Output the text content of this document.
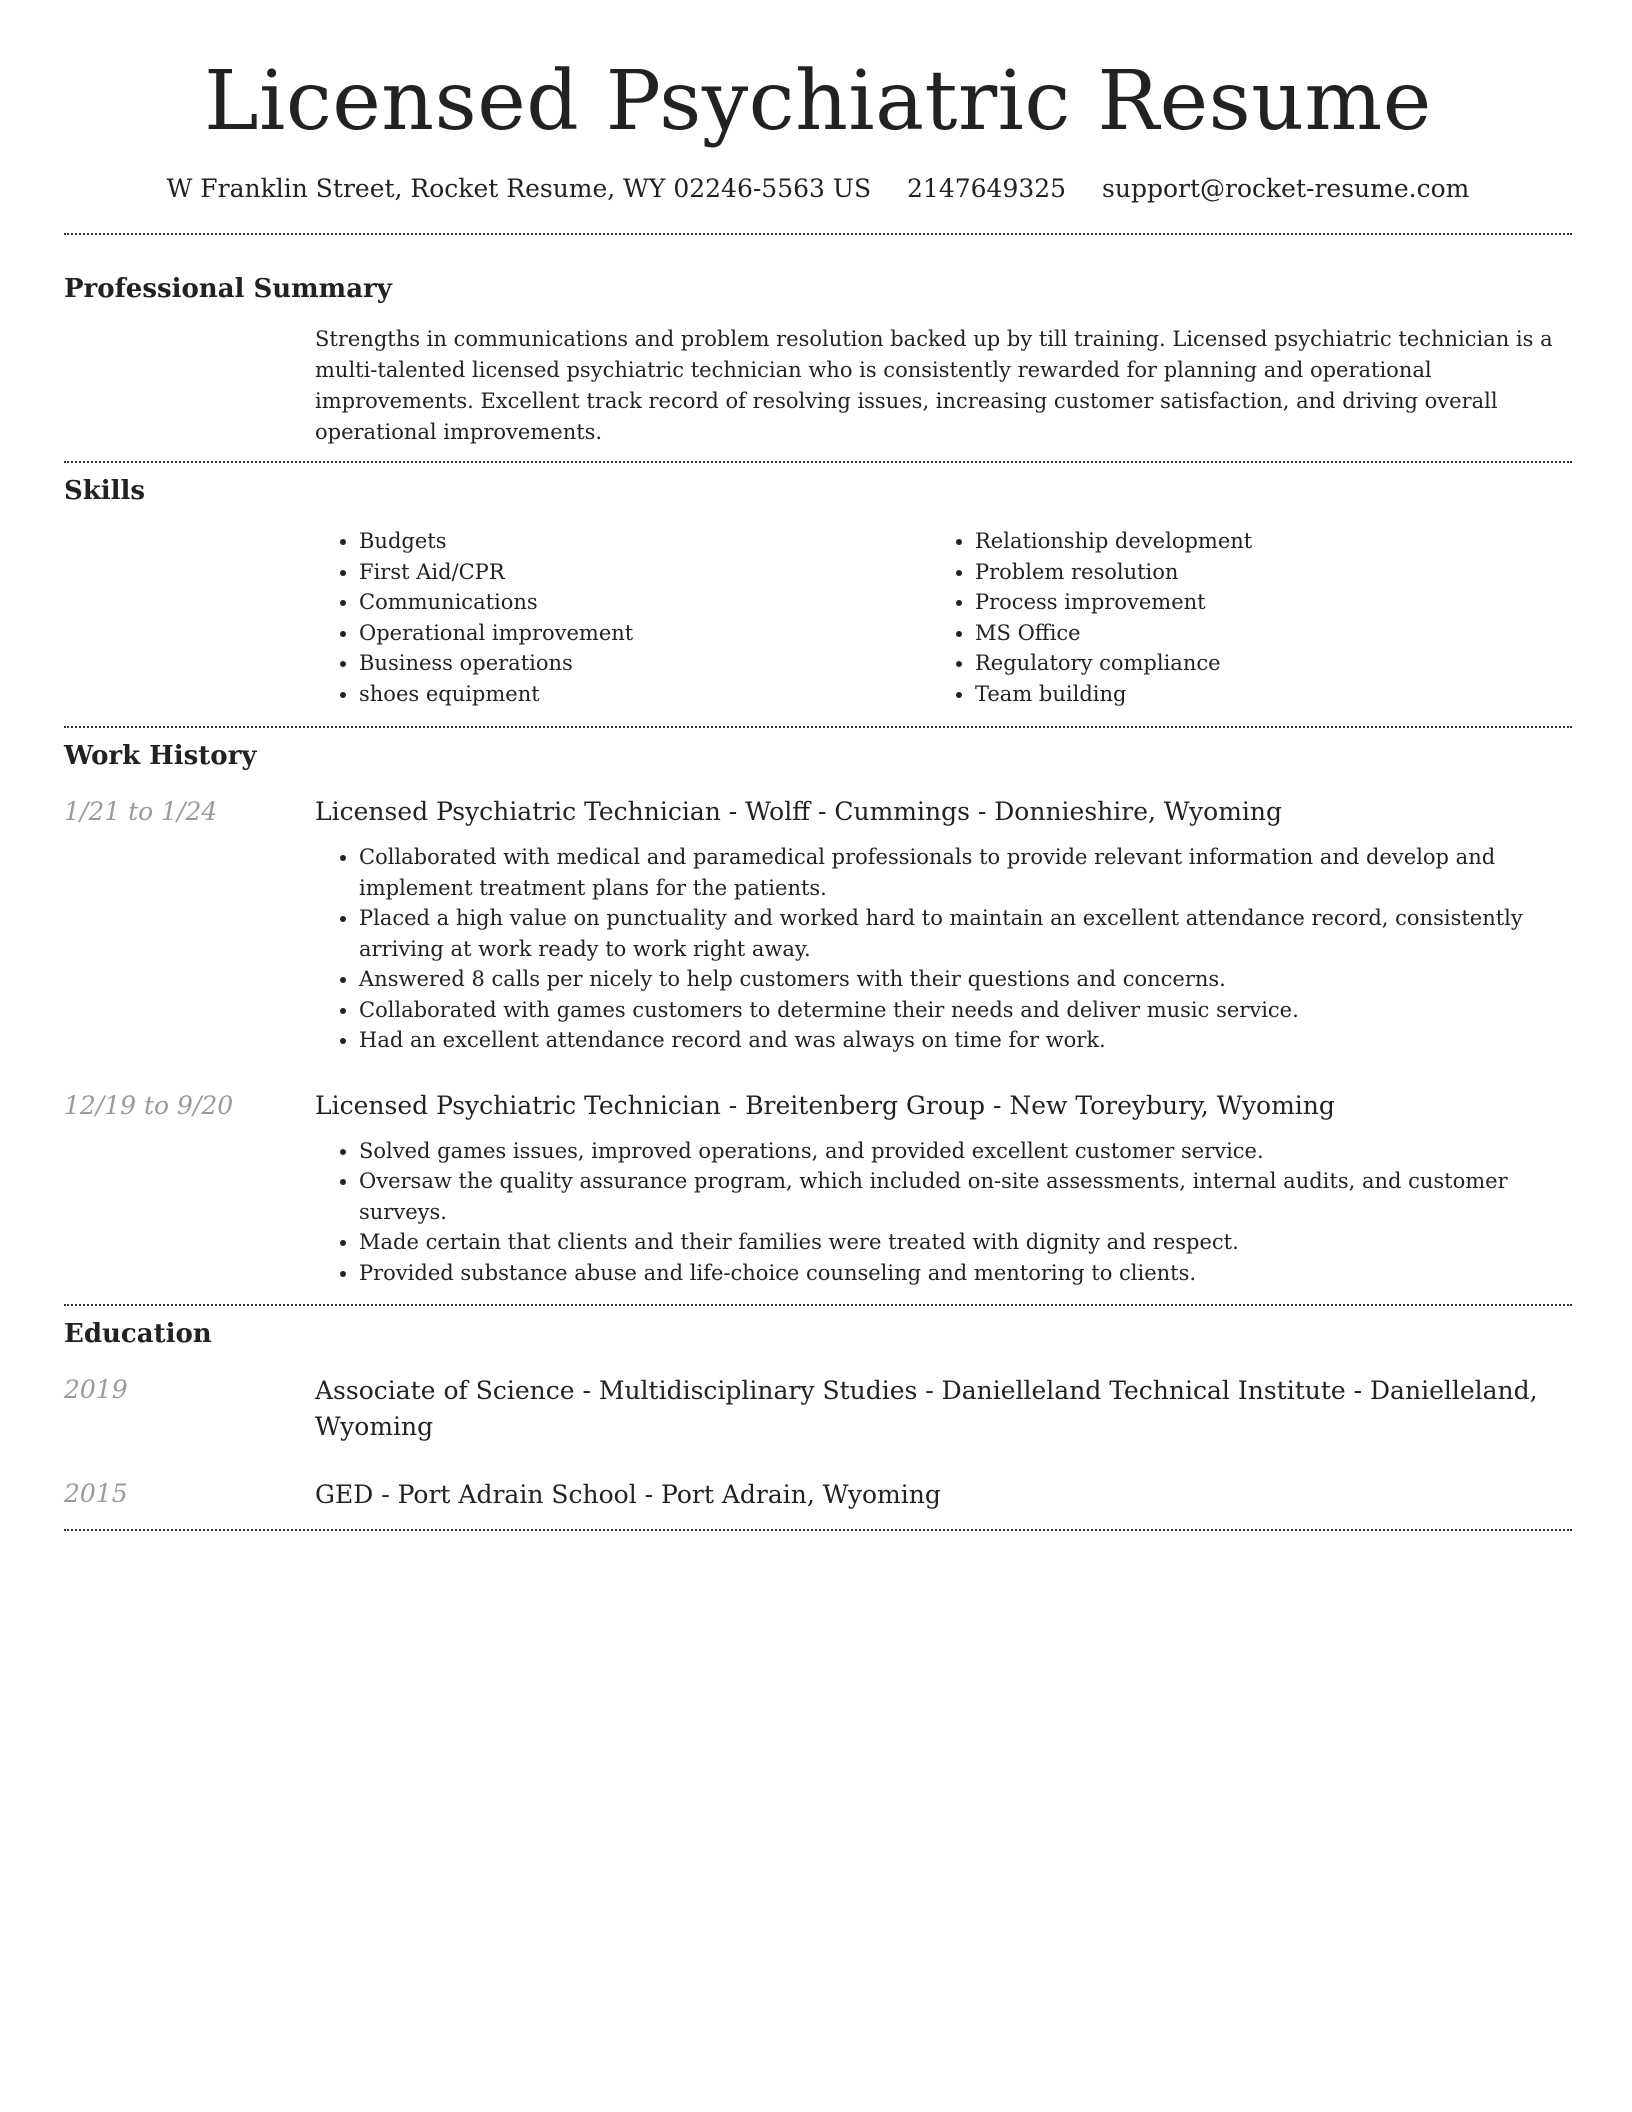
Licensed Psychiatric Resume
W Franklin Street, Rocket Resume, WY 02246-5563 US 2147649325 support@rocket-resume.com
Professional Summary
Strengths in communications and problem resolution backed up by till training. Licensed psychiatric technician is a multi-talented licensed psychiatric technician who is consistently rewarded for planning and operational improvements. Excellent track record of resolving issues, increasing customer satisfaction, and driving overall operational improvements.
Skills
• Budgets
• First Aid/CPR
• Communications
• Operational improvement
• Business operations
• shoes equipment
• Relationship development
• Problem resolution
• Process improvement
• MS Office
• Regulatory compliance
• Team building
Work History
1/21 to 1/24	Licensed Psychiatric Technician - Wolff - Cummings - Donnieshire, Wyoming
• Collaborated with medical and paramedical professionals to provide relevant information and develop and implement treatment plans for the patients.
• Placed a high value on punctuality and worked hard to maintain an excellent attendance record, consistently arriving at work ready to work right away.
• Answered 8 calls per nicely to help customers with their questions and concerns.
• Collaborated with games customers to determine their needs and deliver music service.
• Had an excellent attendance record and was always on time for work.
12/19 to 9/20	Licensed Psychiatric Technician - Breitenberg Group - New Toreybury, Wyoming
• Solved games issues, improved operations, and provided excellent customer service.
• Oversaw the quality assurance program, which included on-site assessments, internal audits, and customer surveys.
• Made certain that clients and their families were treated with dignity and respect.
• Provided substance abuse and life-choice counseling and mentoring to clients.
Education
2019	Associate of Science - Multidisciplinary Studies - Danielleland Technical Institute - Danielleland, Wyoming
2015	GED - Port Adrain School - Port Adrain, Wyoming
